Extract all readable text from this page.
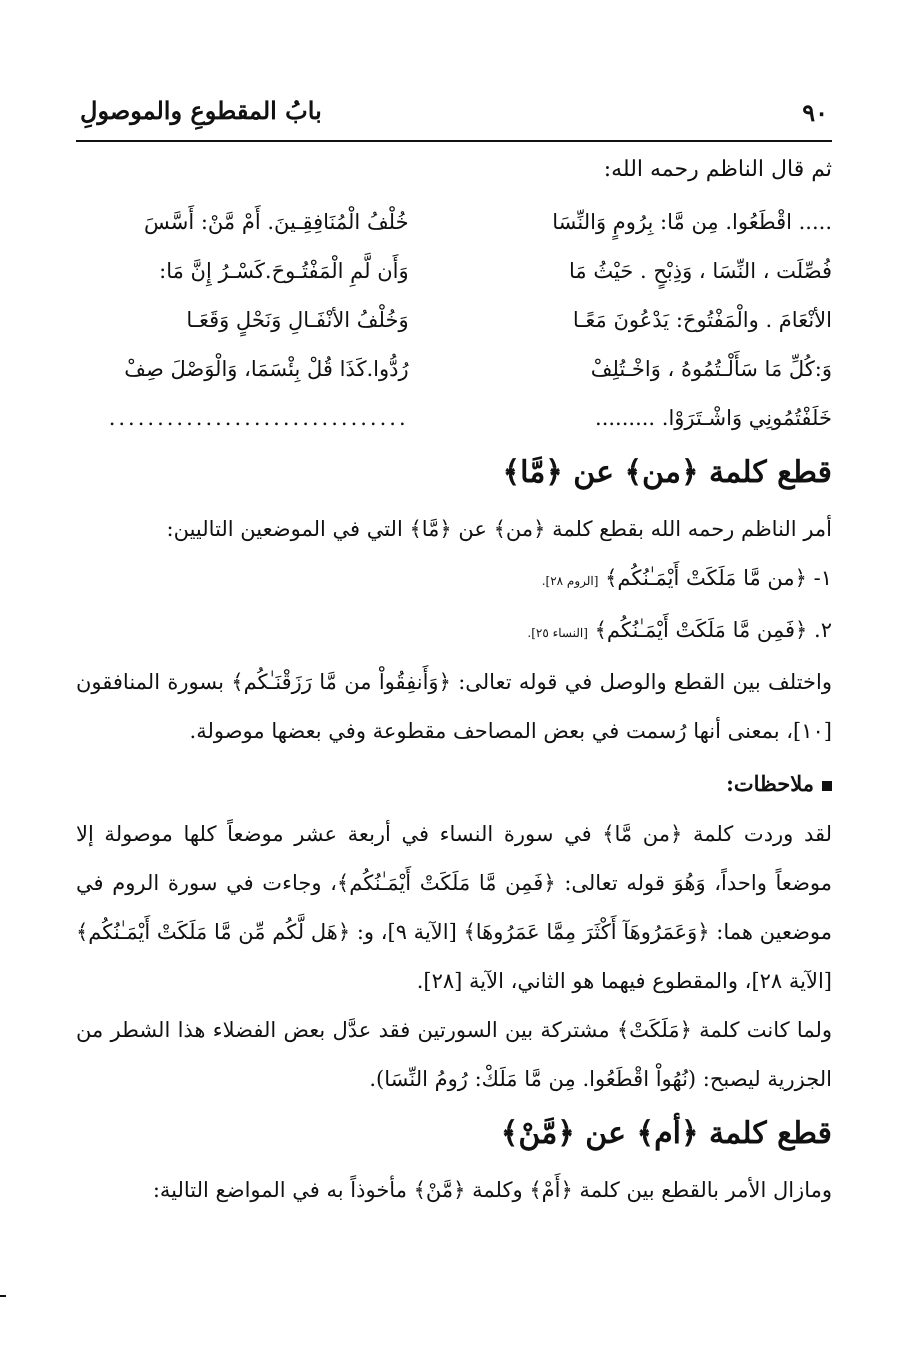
٩٠
بابُ المقطوعِ والموصولِ

ثم قال الناظم رحمه الله:

..... اقْطَعُوا. مِن مَّا: بِرُومٍ وَالنِّسَا
فُصِّلَت ، النِّسَا ، وَذِبْحٍ . حَيْثُ مَا
الأنْعَامَ . والْمَفْتُوحَ: يَدْعُونَ مَعًـا
وَ:كُلِّ مَا سَأَلْـتُمُوهُ ، وَاخْـتُلِفْ
خَلَفْتُمُونِي وَاشْـتَرَوْا. .........
خُلْفُ الْمُنَافِقِـينَ. أَمْ مَّنْ: أَسَّسَ
وَأَن لَّمِ الْمَفْتُـوحَ.كَسْـرُ إِنَّ مَا:
وَخُلْفُ الأنْفَـالِ وَنَحْلٍ وَقَعَـا
رُدُّوا.كَذَا قُلْ بِئْسَمَا، وَالْوَصْلَ صِفْ
...............................
قطع كلمة ﴿من﴾ عن ﴿مَّا﴾

أمر الناظم رحمه الله بقطع كلمة ﴿من﴾ عن ﴿مَّا﴾ التي في الموضعين التاليين:

١- ﴿من مَّا مَلَكَتْ أَيْمَـٰنُكُم﴾ [الروم ٢٨].
٢. ﴿فَمِن مَّا مَلَكَتْ أَيْمَـٰنُكُم﴾ [النساء ٢٥].

واختلف بين القطع والوصل في قوله تعالى: ﴿وَأَنفِقُواْ من مَّا رَزَقْنَـٰكُم﴾ بسورة المنافقون [١٠]، بمعنى أنها رُسمت في بعض المصاحف مقطوعة وفي بعضها موصولة.

ملاحظات:

لقد وردت كلمة ﴿من مَّا﴾ في سورة النساء في أربعة عشر موضعاً كلها موصولة إلا موضعاً واحداً، وَهُوَ قوله تعالى: ﴿فَمِن مَّا مَلَكَتْ أَيْمَـٰنُكُم﴾، وجاءت في سورة الروم في موضعين هما: ﴿وَعَمَرُوهَآ أَكْثَرَ مِمَّا عَمَرُوهَا﴾ [الآية ٩]، و: ﴿هَل لَّكُم مِّن مَّا مَلَكَتْ أَيْمَـٰنُكُم﴾ [الآية ٢٨]، والمقطوع فيهما هو الثاني، الآية [٢٨].

ولما كانت كلمة ﴿مَلَكَتْ﴾ مشتركة بين السورتين فقد عدَّل بعض الفضلاء هذا الشطر من الجزرية ليصبح: (نُهُواْ اقْطَعُوا. مِن مَّا مَلَكْ: رُومُ النِّسَا).

قطع كلمة ﴿أم﴾ عن ﴿مَّنْ﴾

ومازال الأمر بالقطع بين كلمة ﴿أَمْ﴾ وكلمة ﴿مَّنْ﴾ مأخوذاً به في المواضع التالية:
